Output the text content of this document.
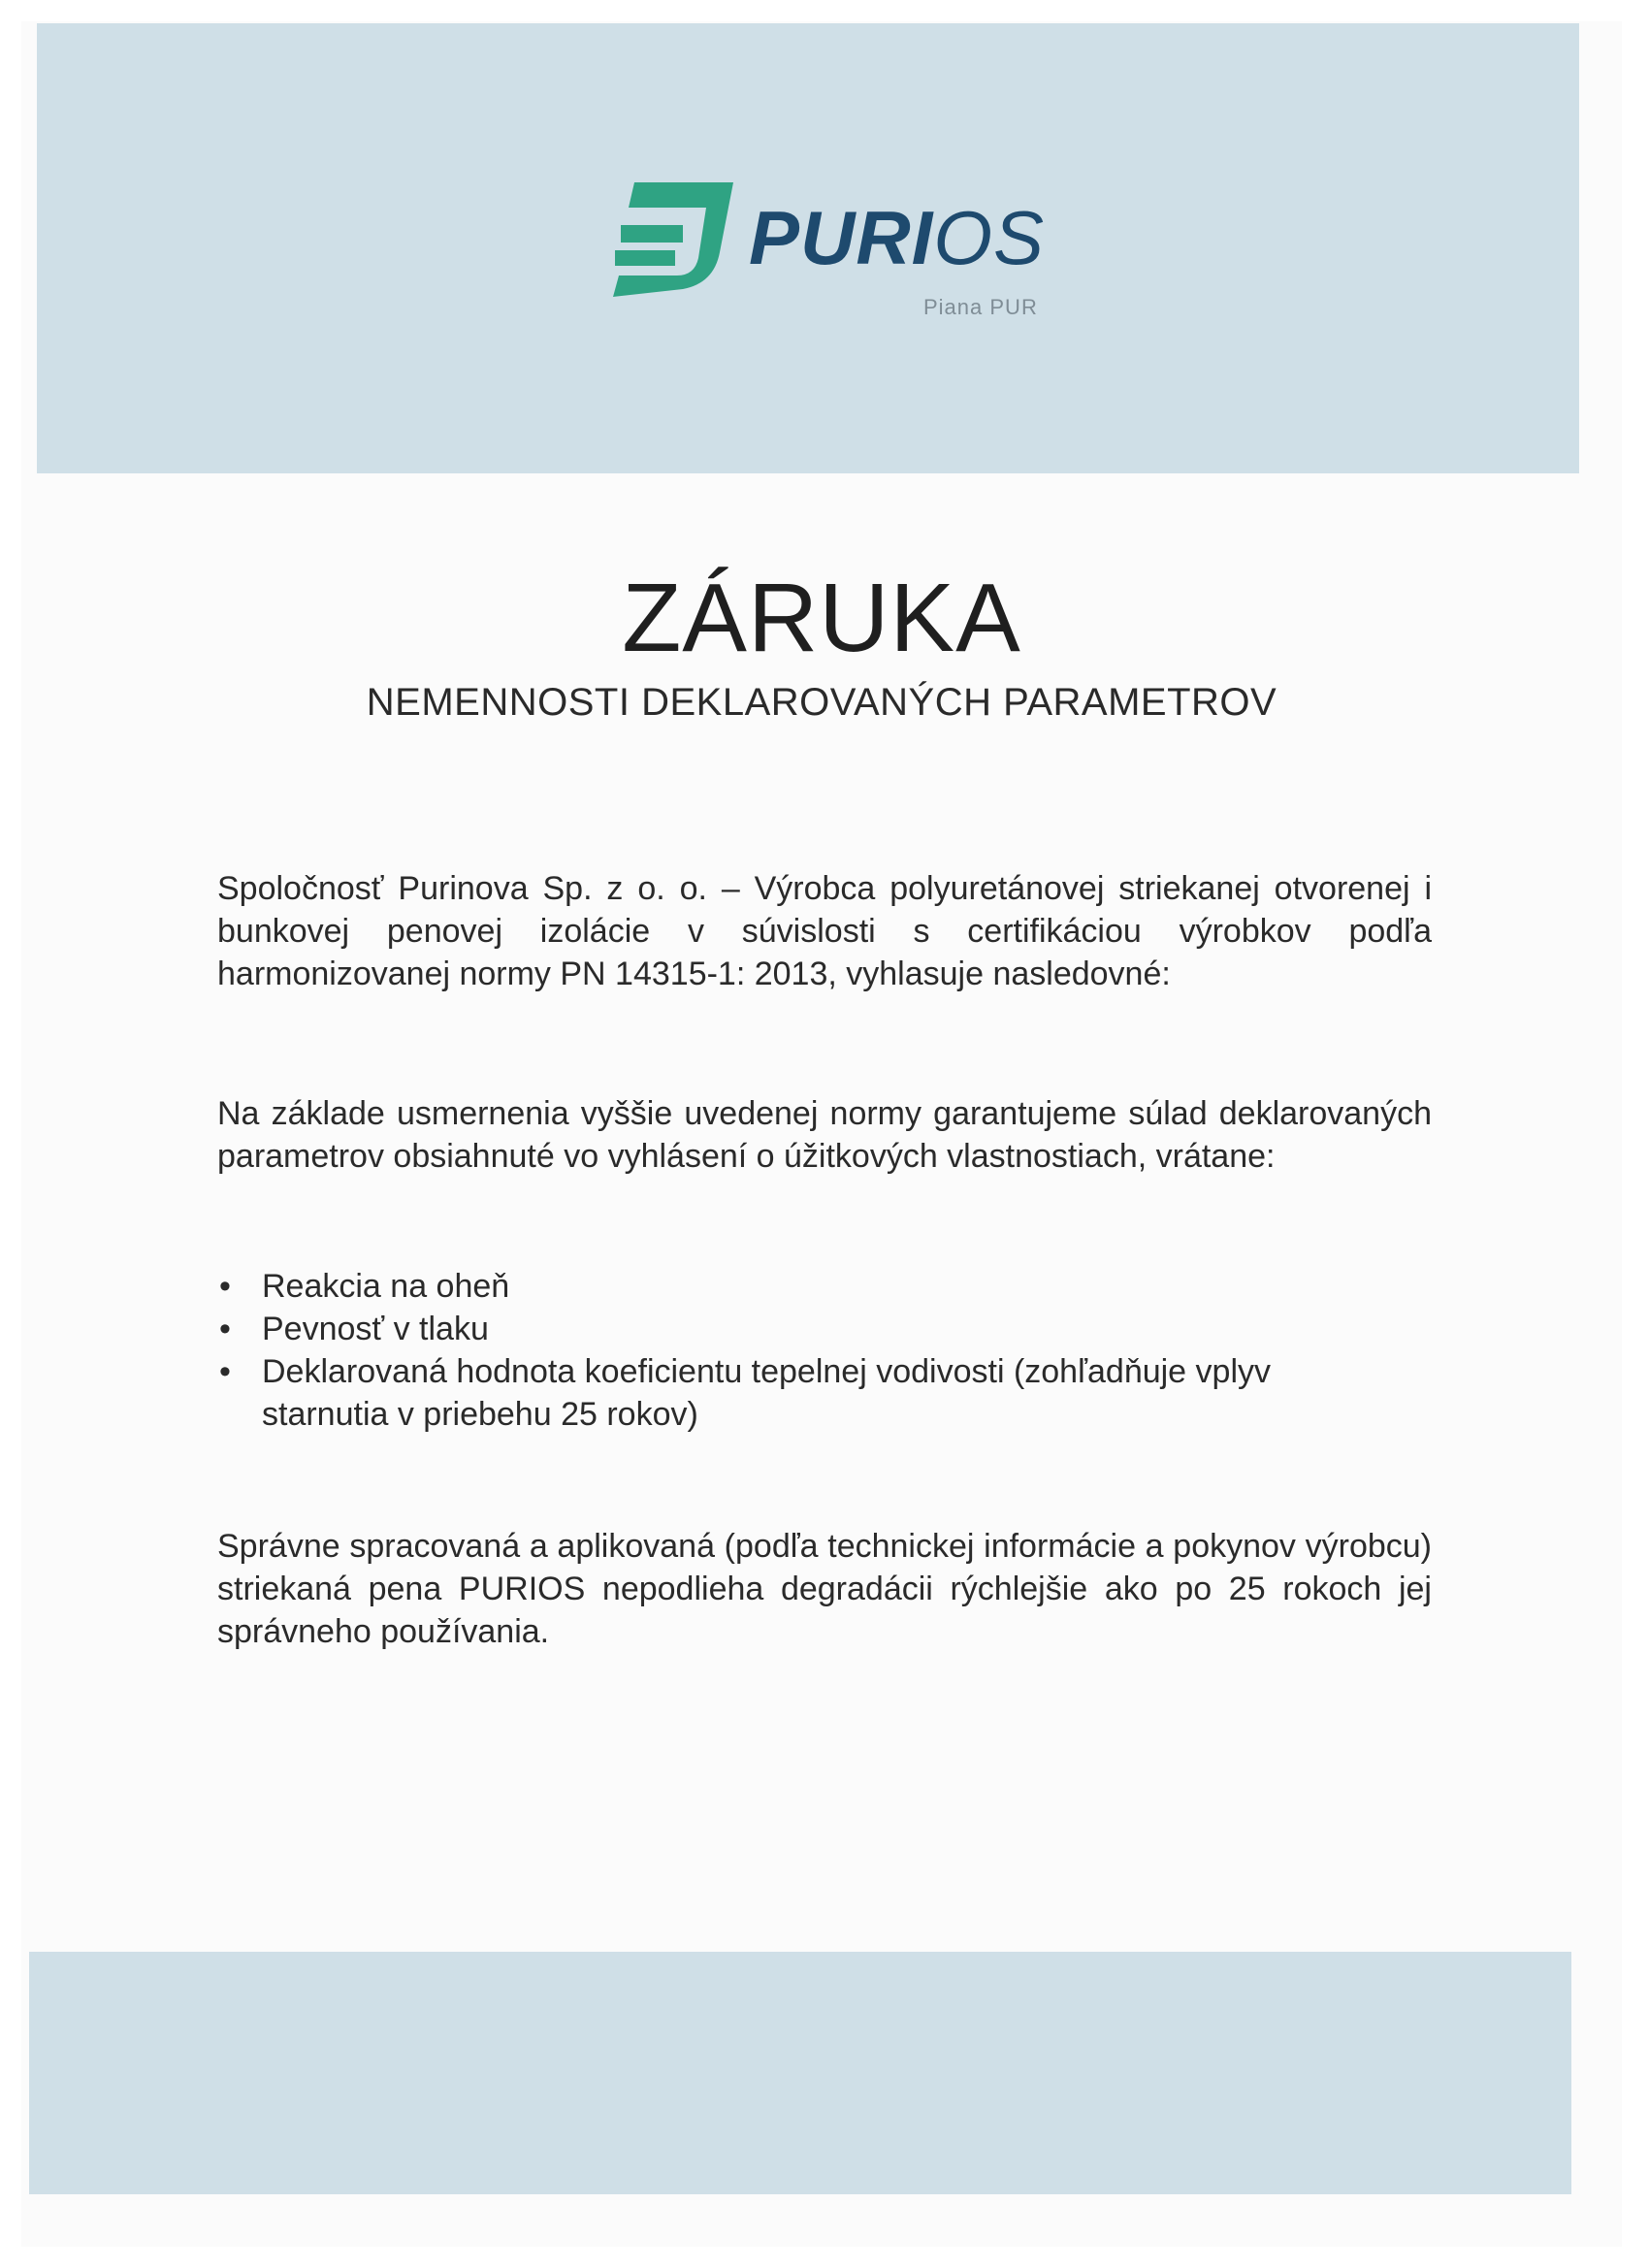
PURIOS
Piana PUR
ZÁRUKA
NEMENNOSTI DEKLAROVANÝCH PARAMETROV
Spoločnosť Purinova Sp. z o. o. – Výrobca polyuretánovej striekanej otvorenej i bunkovej penovej izolácie v súvislosti s certifikáciou výrobkov podľa harmonizovanej normy PN 14315-1: 2013, vyhlasuje nasledovné:
Na základe usmernenia vyššie uvedenej normy garantujeme súlad deklarovaných parametrov obsiahnuté vo vyhlásení o úžitkových vlastnostiach, vrátane:
• Reakcia na oheň
• Pevnosť v tlaku
• Deklarovaná hodnota koeficientu tepelnej vodivosti (zohľadňuje vplyv starnutia v priebehu 25 rokov)
Správne spracovaná a aplikovaná (podľa technickej informácie a pokynov výrobcu) striekaná pena PURIOS nepodlieha degradácii rýchlejšie ako po 25 rokoch jej správneho používania.
